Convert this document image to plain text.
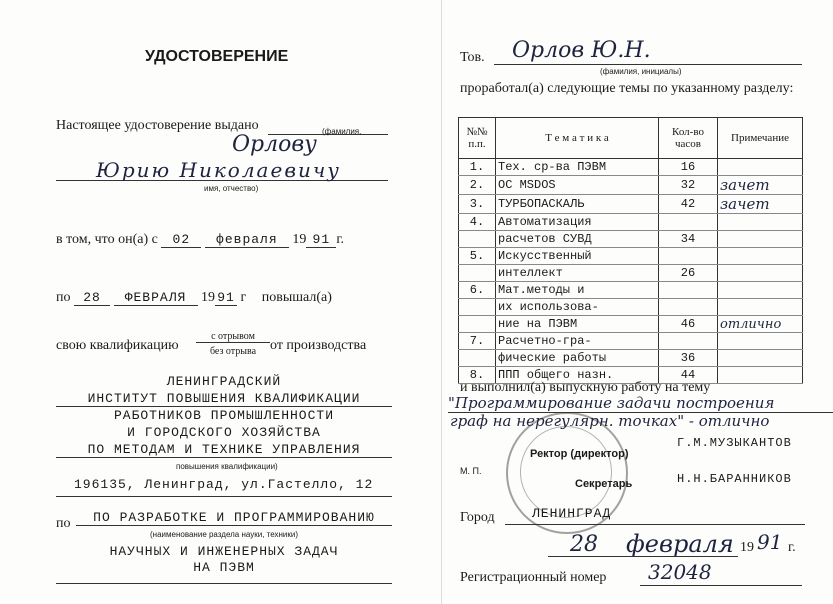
УДОСТОВЕРЕНИЕ
Настоящее удостоверение выдано	(фамилия,
Орлову
Юрию Николаевичу
имя, отчество)
в том, что он(а) с 02 февраля 19 91 г.
по 28 ФЕВРАЛЯ 19 91 г повышал(а)
свою квалификацию
с отрывом
без отрыва от производства
ЛЕНИНГРАДСКИЙ
ИНСТИТУТ ПОВЫШЕНИЯ КВАЛИФИКАЦИИ
РАБОТНИКОВ ПРОМЫШЛЕННОСТИ
И ГОРОДСКОГО ХОЗЯЙСТВА
ПО МЕТОДАМ И ТЕХНИКЕ УПРАВЛЕНИЯ
повышения квалификации)
196135, Ленинград, ул.Гастелло, 12
по	ПО РАЗРАБОТКЕ И ПРОГРАММИРОВАНИЮ
(наименование раздела науки, техники)
НАУЧНЫХ И ИНЖЕНЕРНЫХ ЗАДАЧ
НА ПЭВМ
Тов. Орлов Ю.Н.
(фамилия, инициалы)
проработал(а) следующие темы по указанному разделу:
№№ п.п.	Т е м а т и к а	Кол-во часов	Примечание
1.	Тех. ср-ва ПЭВМ	16	
2.	ОС MSDOS	32	зачет
3.	ТУРБОПАСКАЛЬ	42	зачет
4.	Автоматизация		
	расчетов СУВД	34	
5.	Искусственный		
	интеллект	26	
6.	Мат.методы и		
	их использова-		
	ние на ПЭВМ	46	отлично
7.	Расчетно-гра-		
	фические работы	36	
8.	ППП общего назн.	44	
и выполнил(а) выпускную работу на тему
"Программирование задачи построения
граф на нерегулярн. точках" - отлично
М. П.
Ректор (директор)
Г.М.МУЗЫКАНТОВ
Секретарь	Н.Н.БАРАННИКОВ
Город	ЛЕНИНГРАД
28 февраля 19 91 г.
Регистрационный номер 32048
